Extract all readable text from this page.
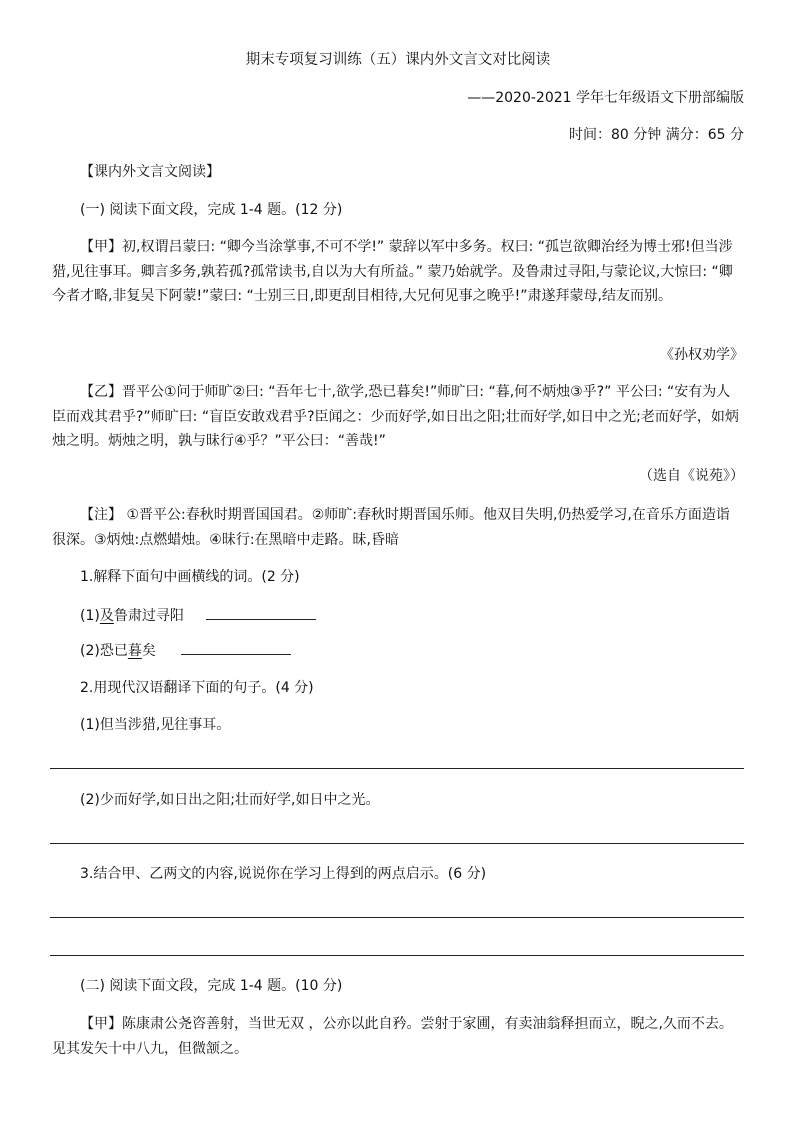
期末专项复习训练（五）课内外文言文对比阅读
——2020-2021 学年七年级语文下册部编版
时间：80 分钟 满分：65 分
【课内外文言文阅读】
(一) 阅读下面文段，完成 1-4 题。(12 分)
【甲】初,权谓吕蒙曰: “卿今当涂掌事,不可不学!” 蒙辞以军中多务。权曰: “孤岂欲卿治经为博士邪!但当涉猎,见往事耳。卿言多务,孰若孤?孤常读书,自以为大有所益。” 蒙乃始就学。及鲁肃过寻阳,与蒙论议,大惊曰: “卿今者才略,非复吴下阿蒙!”蒙曰: “士别三日,即更刮目相待,大兄何见事之晚乎!”肃遂拜蒙母,结友而别。
《孙权劝学》
【乙】晋平公①问于师旷②曰: “吾年七十,欲学,恐已暮矣!”师旷曰: “暮,何不炳烛③乎?” 平公曰: “安有为人臣而戏其君乎?”师旷曰: “盲臣安敢戏君乎?臣闻之：少而好学,如日出之阳;壮而好学,如日中之光;老而好学，如炳烛之明。炳烛之明，孰与昧行④乎？”平公曰：“善哉!”
（选自《说苑》）
【注】 ①晋平公:春秋时期晋国国君。②师旷:春秋时期晋国乐师。他双目失明,仍热爱学习,在音乐方面造诣很深。③炳烛:点燃蜡烛。④昧行:在黑暗中走路。昧,昏暗
1.解释下面句中画横线的词。(2 分)
(1)及鲁肃过寻阳
(2)恐已暮矣
2.用现代汉语翻译下面的句子。(4 分)
(1)但当涉猎,见往事耳。
(2)少而好学,如日出之阳;壮而好学,如日中之光。
3.结合甲、乙两文的内容,说说你在学习上得到的两点启示。(6 分)
(二) 阅读下面文段，完成 1-4 题。(10 分)
【甲】陈康肃公尧咨善射，当世无双 ，公亦以此自矜。尝射于家圃，有卖油翁释担而立，睨之,久而不去。见其发矢十中八九，但微颔之。
